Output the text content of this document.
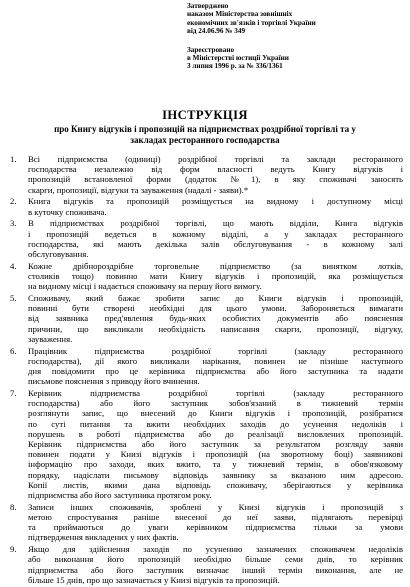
Затверджено
наказом Міністерства зовнішніх
економічних зв'язків і торгівлі України
від 24.06.96 № 349
Зареєстровано
в Міністерстві юстиції України
3 липня 1996 р. за № 336/1361
ІНСТРУКЦІЯ
про Книгу відгуків і пропозицій на підприємствах роздрібної торгівлі та у
закладах ресторанного господарства
1.	Всі підприємства (одиниці) роздрібної торгівлі та заклади ресторанного
господарства незалежно від форм власності ведуть Книгу відгуків і
пропозицій встановленої форми (додаток №1), в яку споживачі заносять
скарги, пропозиції, відгуки та зауваження (надалі - заяви).*
2.	Книга відгуків та пропозицій розміщується на видному і доступному місці
в куточку споживача.
3.	В підприємствах роздрібної торгівлі, що мають відділи, Книга відгуків
і пропозицій ведеться в кожному відділі, а у закладах ресторанного
господарства, які мають декілька залів обслуговування - в кожному залі
обслуговування.
4.	Кожне дрібнороздрібне торговельне підприємство (за винятком лотків,
столиків тощо) повинно мати Книгу відгуків і пропозицій, яка розміщується
на видному місці і надається споживачу на першу його вимогу.
5.	Споживачу, який бажає зробити запис до Книги відгуків і пропозицій,
повинні бути створені необхідні для цього умови. Забороняється вимагати
від заявника пред'явлення будь-яких особистих документів або пояснення
причини, що викликали необхідність написання скарги, пропозиції, відгуку,
зауваження.
6.	Працівник підприємства роздрібної торгівлі (закладу ресторанного
господарства), дії якого викликали нарікання, повинен не пізніше наступного
дня повідомити про це керівника підприємства або його заступника та надати
письмове пояснення з приводу його вчинення.
7.	Керівник підприємства роздрібної торгівлі (закладу ресторанного
господарства) або його заступник зобов'язаний в тижневий термін
розглянути запис, що внесений до Книги відгуків і пропозицій, розібратися
по суті питання та вжити необхідних заходів до усунення недоліків і
порушень в роботі підприємства або до реалізації висловлених пропозицій.
Керівник підприємства або його заступник за результатом розгляду заяви
повинен подати у Книзі відгуків і пропозицій (на зворотному боці) заявникові
інформацію про заходи, яких вжито, та у тижневий термін, в обов'язковому
порядку, надіслати письмову відповідь заявнику за вказаною ним адресою.
Копії листів, якими дана відповідь споживачу, зберігаються у керівника
підприємства або його заступника протягом року.
8.	Записи інших споживачів, зроблені у Книзі відгуків і пропозицій з
метою спростування раніше внесеної до неї заяви, підлягають перевірці
та приймаються до уваги керівником підприємства тільки за умови
підтвердження викладених у них фактів.
9.	Якщо для здійснення заходів по усуненню зазначених споживачем недоліків
або виконання його пропозицій необхідно більше семи днів, то керівник
підприємства або його заступник визначає інший термін виконання, але не
більше 15 днів, про що зазначається у Книзі відгуків та пропозицій.
